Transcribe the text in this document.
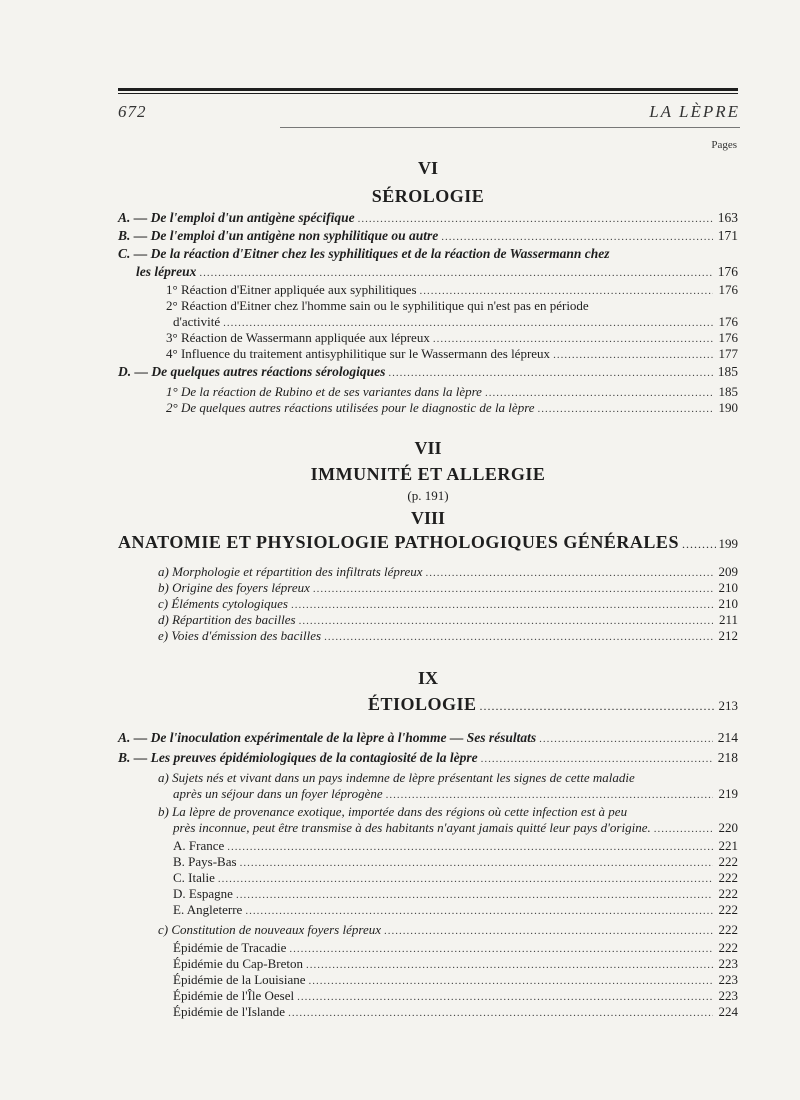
672	LA LÈPRE
Pages
VI
SÉROLOGIE
A. — De l'emploi d'un antigène spécifique .....	163
B. — De l'emploi d'un antigène non syphilitique ou autre .....	171
C. — De la réaction d'Eitner chez les syphilitiques et de la réaction de Wassermann chez
les lépreux .....	176
1° Réaction d'Eitner appliquée aux syphilitiques .....	176
2° Réaction d'Eitner chez l'homme sain ou le syphilitique qui n'est pas en période
d'activité .....	176
3° Réaction de Wassermann appliquée aux lépreux .....	176
4° Influence du traitement antisyphilitique sur le Wassermann des lépreux .....	177
D. — De quelques autres réactions sérologiques .....	185
1° De la réaction de Rubino et de ses variantes dans la lèpre .....	185
2° De quelques autres réactions utilisées pour le diagnostic de la lèpre .....	190
VII
IMMUNITÉ ET ALLERGIE
(p. 191)
VIII
ANATOMIE ET PHYSIOLOGIE PATHOLOGIQUES GÉNÉRALES .....	199
a) Morphologie et répartition des infiltrats lépreux .....	209
b) Origine des foyers lépreux .....	210
c) Éléments cytologiques .....	210
d) Répartition des bacilles .....	211
e) Voies d'émission des bacilles .....	212
IX
ÉTIOLOGIE .....	213
A. — De l'inoculation expérimentale de la lèpre à l'homme — Ses résultats .....	214
B. — Les preuves épidémiologiques de la contagiosité de la lèpre .....	218
a) Sujets nés et vivant dans un pays indemne de lèpre présentant les signes de cette maladie
après un séjour dans un foyer léprogène .....	219
b) La lèpre de provenance exotique, importée dans des régions où cette infection est à peu
près inconnue, peut être transmise à des habitants n'ayant jamais quitté leur pays d'origine. .....	220
A. France .....	221
B. Pays-Bas .....	222
C. Italie .....	222
D. Espagne .....	222
E. Angleterre .....	222
c) Constitution de nouveaux foyers lépreux .....	222
Épidémie de Tracadie .....	222
Épidémie du Cap-Breton .....	223
Épidémie de la Louisiane .....	223
Épidémie de l'Île Oesel .....	223
Épidémie de l'Islande .....	224
